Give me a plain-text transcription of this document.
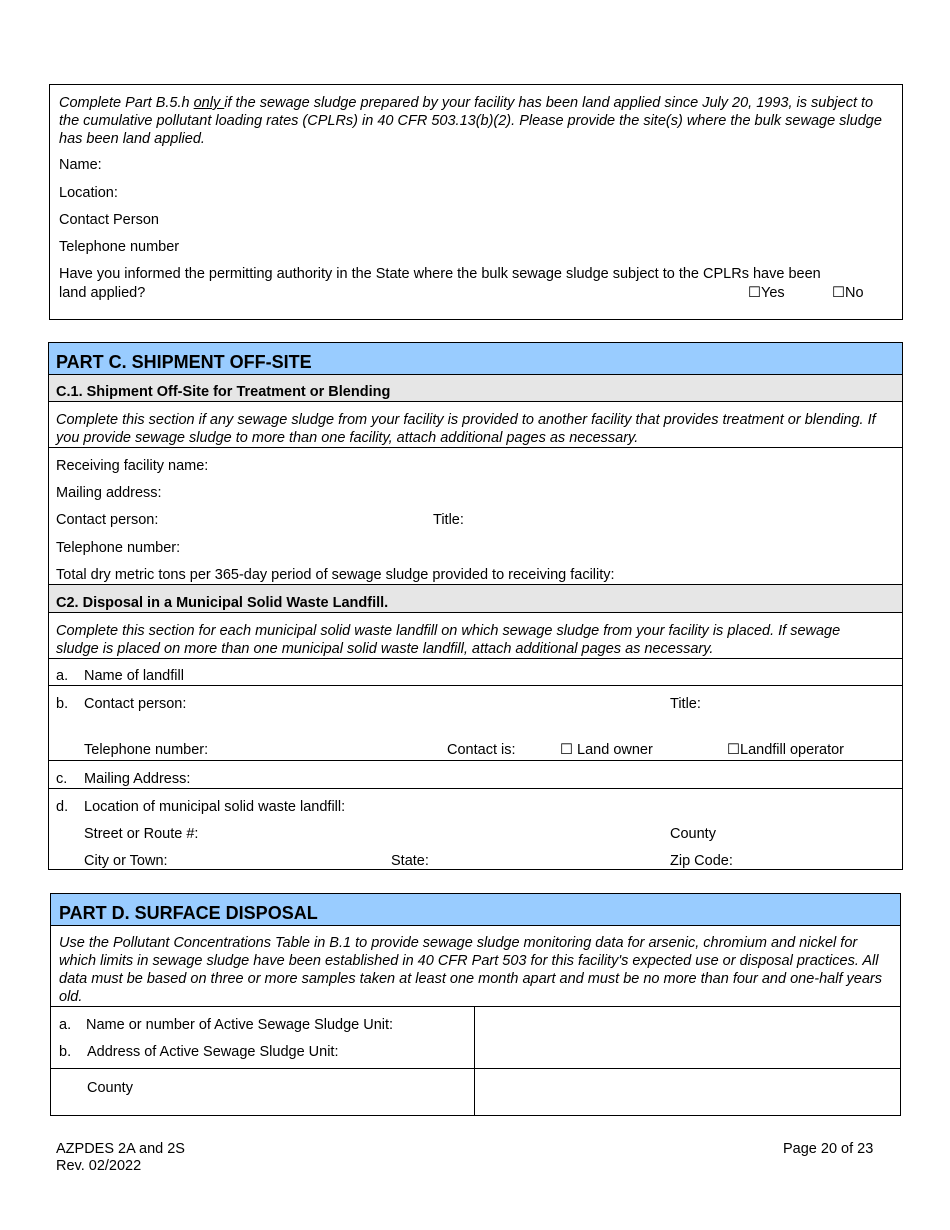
Complete Part B.5.h only if the sewage sludge prepared by your facility has been land applied since July 20, 1993, is subject to the cumulative pollutant loading rates (CPLRs) in 40 CFR 503.13(b)(2). Please provide the site(s) where the bulk sewage sludge has been land applied.
Name:
Location:
Contact Person
Telephone number
Have you informed the permitting authority in the State where the bulk sewage sludge subject to the CPLRs have been
land applied?	☐Yes	☐No
PART C. SHIPMENT OFF-SITE
C.1. Shipment Off-Site for Treatment or Blending
Complete this section if any sewage sludge from your facility is provided to another facility that provides treatment or blending. If you provide sewage sludge to more than one facility, attach additional pages as necessary.
Receiving facility name:
Mailing address:
Contact person:	Title:
Telephone number:
Total dry metric tons per 365-day period of sewage sludge provided to receiving facility:
C2. Disposal in a Municipal Solid Waste Landfill.
Complete this section for each municipal solid waste landfill on which sewage sludge from your facility is placed. If sewage sludge is placed on more than one municipal solid waste landfill, attach additional pages as necessary.
a. Name of landfill
b. Contact person:	Title:
Telephone number:	Contact is:	☐ Land owner	☐Landfill operator
c. Mailing Address:
d. Location of municipal solid waste landfill:
Street or Route #:	County
City or Town:	State:	Zip Code:
PART D. SURFACE DISPOSAL
Use the Pollutant Concentrations Table in B.1 to provide sewage sludge monitoring data for arsenic, chromium and nickel for which limits in sewage sludge have been established in 40 CFR Part 503 for this facility's expected use or disposal practices. All data must be based on three or more samples taken at least one month apart and must be no more than four and one-half years old.
a. Name or number of Active Sewage Sludge Unit:
b. Address of Active Sewage Sludge Unit:
County
AZPDES 2A and 2S
Rev. 02/2022
Page 20 of 23
